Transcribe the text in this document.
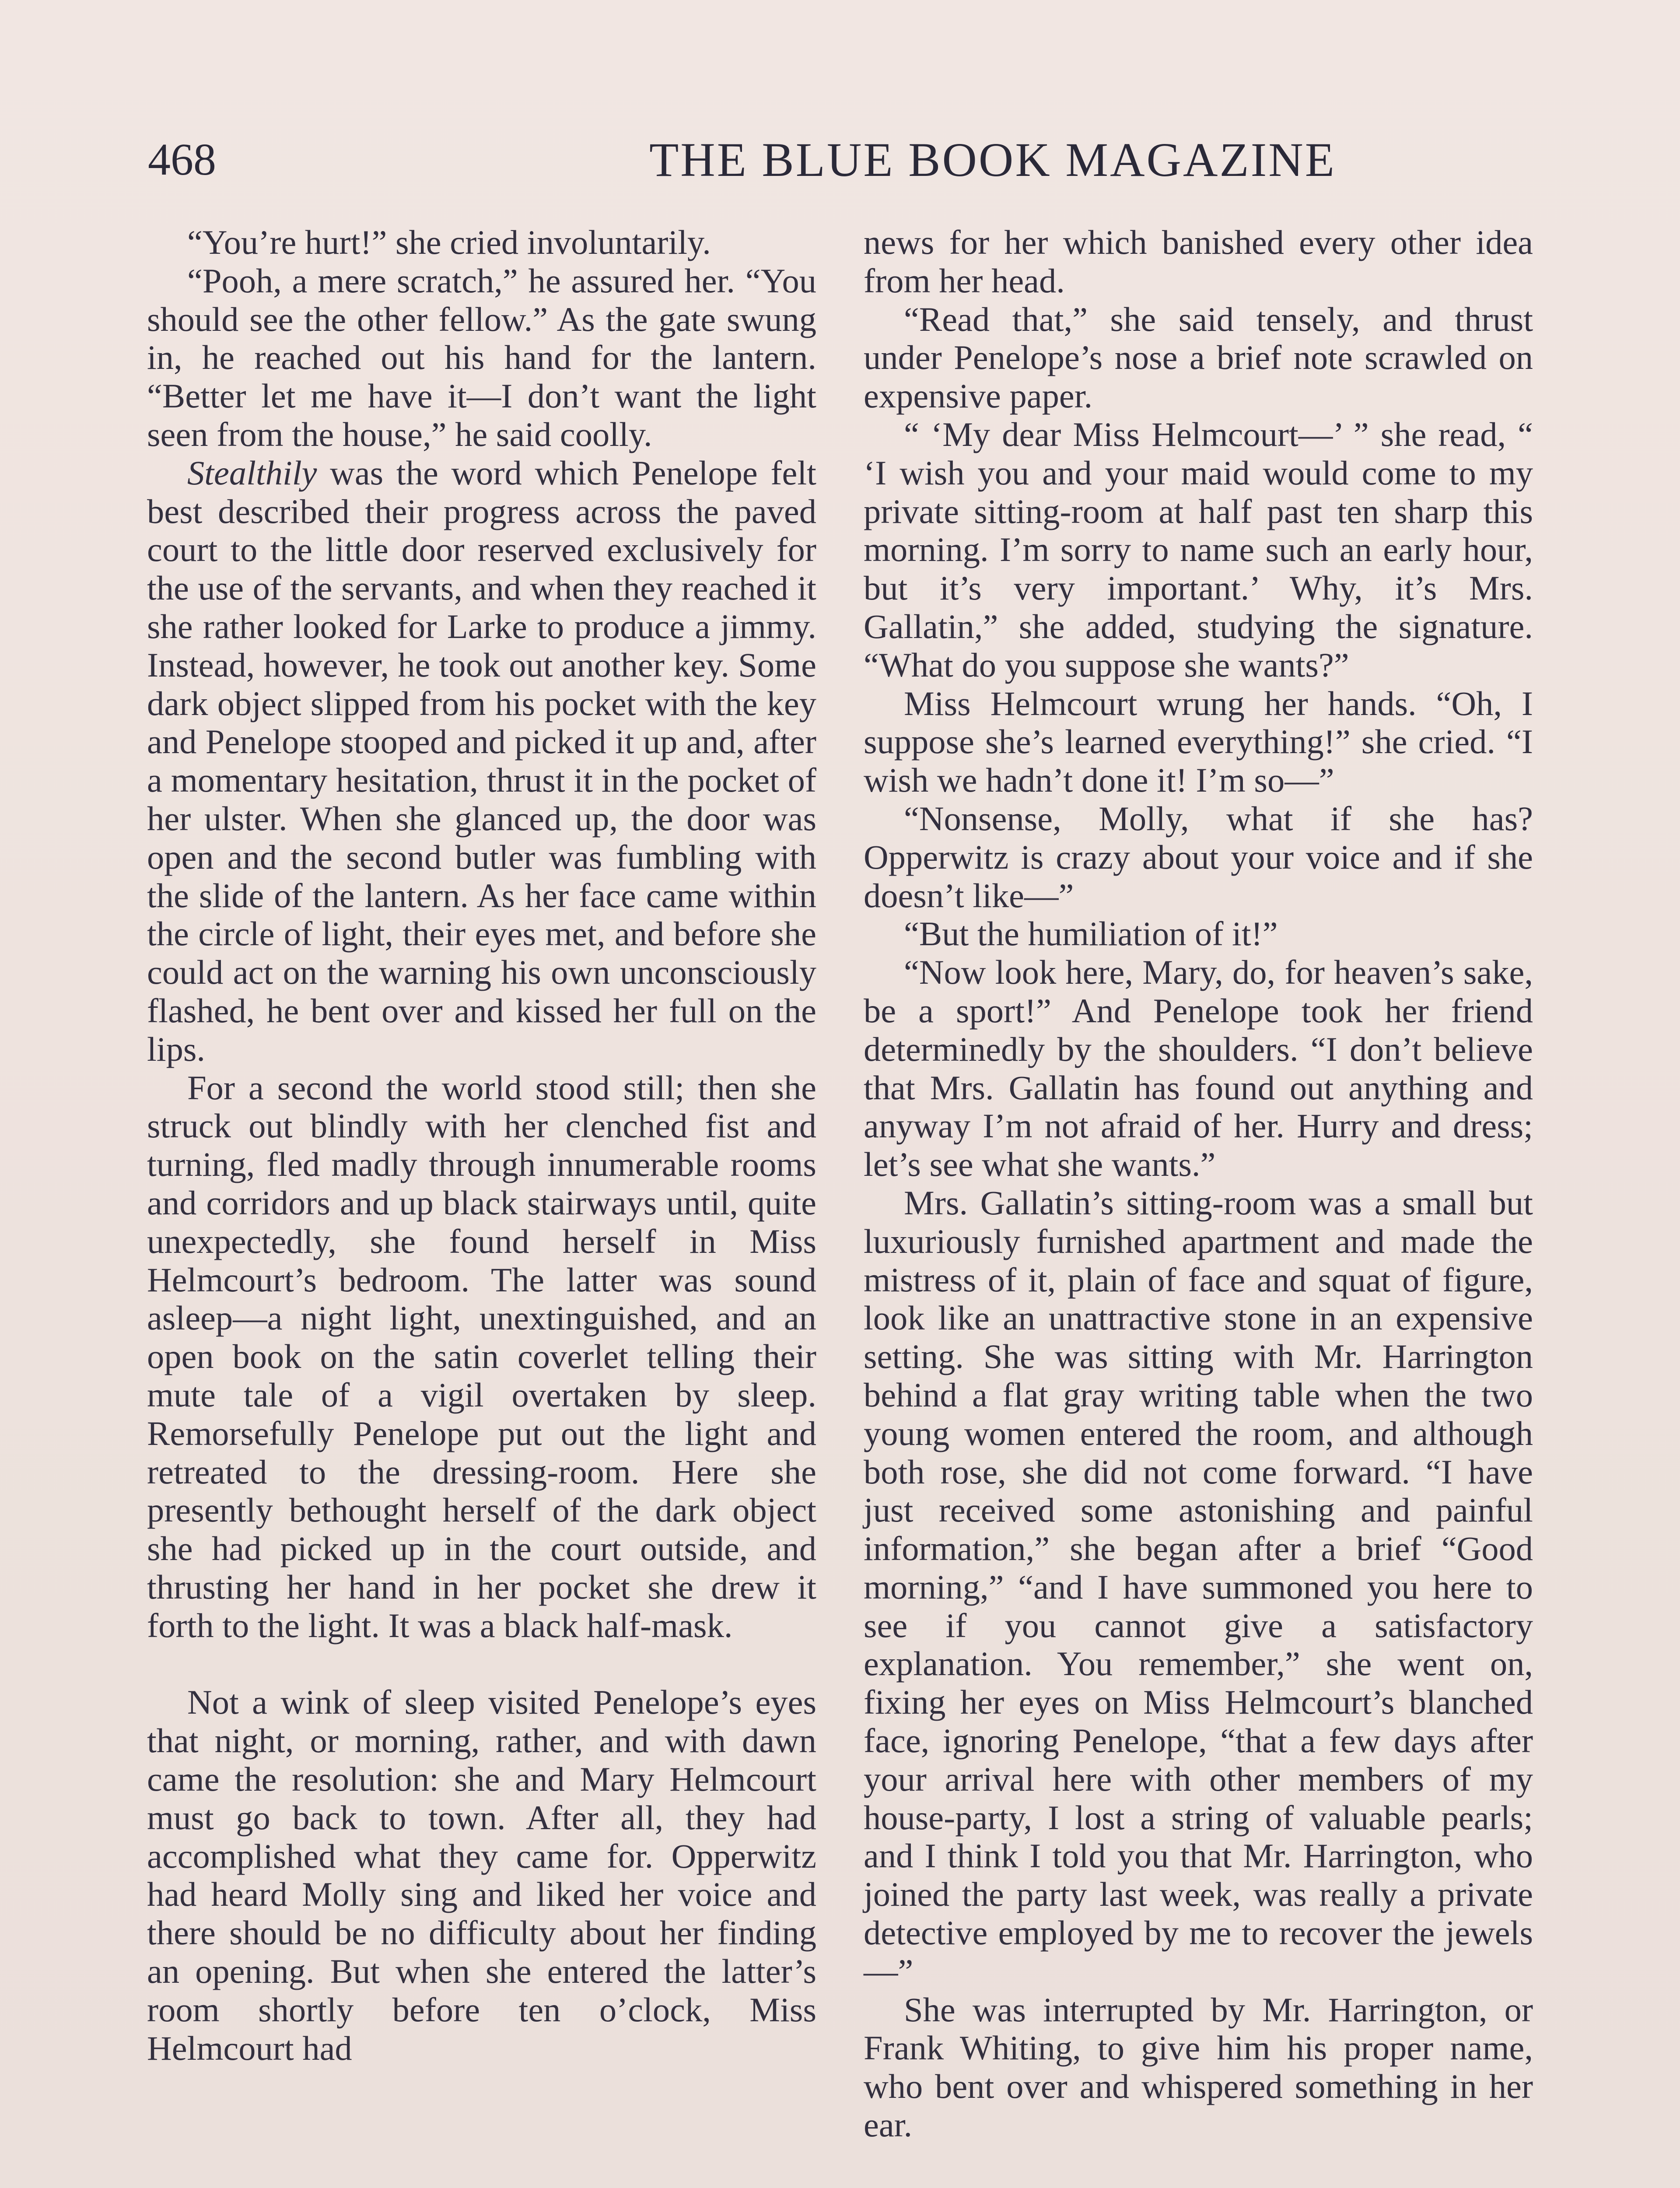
468	THE BLUE BOOK MAGAZINE

“You’re hurt!” she cried involuntarily.

“Pooh, a mere scratch,” he assured her. “You should see the other fellow.” As the gate swung in, he reached out his hand for the lantern. “Better let me have it—I don’t want the light seen from the house,” he said coolly.

Stealthily was the word which Penelope felt best described their progress across the paved court to the little door reserved exclusively for the use of the servants, and when they reached it she rather looked for Larke to produce a jimmy. Instead, however, he took out another key. Some dark object slipped from his pocket with the key and Penelope stooped and picked it up and, after a momentary hesitation, thrust it in the pocket of her ulster. When she glanced up, the door was open and the second butler was fumbling with the slide of the lantern. As her face came within the circle of light, their eyes met, and before she could act on the warning his own unconsciously flashed, he bent over and kissed her full on the lips.

For a second the world stood still; then she struck out blindly with her clenched fist and turning, fled madly through innumerable rooms and corridors and up black stairways until, quite unexpectedly, she found herself in Miss Helmcourt’s bedroom. The latter was sound asleep—a night light, unextinguished, and an open book on the satin coverlet telling their mute tale of a vigil overtaken by sleep. Remorsefully Penelope put out the light and retreated to the dressing-room. Here she presently bethought herself of the dark object she had picked up in the court outside, and thrusting her hand in her pocket she drew it forth to the light. It was a black half-mask.

Not a wink of sleep visited Penelope’s eyes that night, or morning, rather, and with dawn came the resolution: she and Mary Helmcourt must go back to town. After all, they had accomplished what they came for. Opperwitz had heard Molly sing and liked her voice and there should be no difficulty about her finding an opening. But when she entered the latter’s room shortly before ten o’clock, Miss Helmcourt had

news for her which banished every other idea from her head.

“Read that,” she said tensely, and thrust under Penelope’s nose a brief note scrawled on expensive paper.

“ ‘My dear Miss Helmcourt—’ ” she read, “ ‘I wish you and your maid would come to my private sitting-room at half past ten sharp this morning. I’m sorry to name such an early hour, but it’s very important.’ Why, it’s Mrs. Gallatin,” she added, studying the signature. “What do you suppose she wants?”

Miss Helmcourt wrung her hands. “Oh, I suppose she’s learned everything!” she cried. “I wish we hadn’t done it! I’m so—”

“Nonsense, Molly, what if she has? Opperwitz is crazy about your voice and if she doesn’t like—”

“But the humiliation of it!”

“Now look here, Mary, do, for heaven’s sake, be a sport!” And Penelope took her friend determinedly by the shoulders. “I don’t believe that Mrs. Gallatin has found out anything and anyway I’m not afraid of her. Hurry and dress; let’s see what she wants.”

Mrs. Gallatin’s sitting-room was a small but luxuriously furnished apartment and made the mistress of it, plain of face and squat of figure, look like an unattractive stone in an expensive setting. She was sitting with Mr. Harrington behind a flat gray writing table when the two young women entered the room, and although both rose, she did not come forward. “I have just received some astonishing and painful information,” she began after a brief “Good morning,” “and I have summoned you here to see if you cannot give a satisfactory explanation. You remember,” she went on, fixing her eyes on Miss Helmcourt’s blanched face, ignoring Penelope, “that a few days after your arrival here with other members of my house-party, I lost a string of valuable pearls; and I think I told you that Mr. Harrington, who joined the party last week, was really a private detective employed by me to recover the jewels—”

She was interrupted by Mr. Harrington, or Frank Whiting, to give him his proper name, who bent over and whispered something in her ear.
